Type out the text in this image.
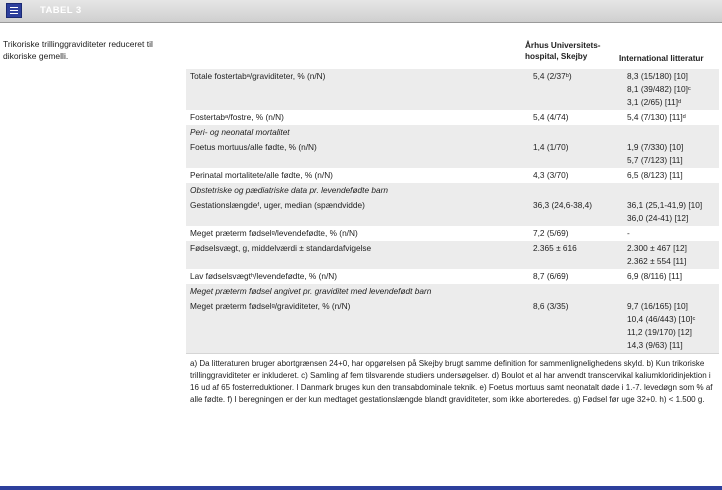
TABEL 3
Trikoriske trillinggraviditeter reduceret til dikoriske gemelli.
Århus Universitets- hospital, Skejby	International litteratur
Totale fostertabᵃ/graviditeter, % (n/N)	5,4 (2/37ᵇ)	8,3 (15/180) [10]
8,1 (39/482) [10]ᶜ
3,1 (2/65) [11]ᵈ

Fostertabᵃ/fostre, % (n/N)	5,4 (4/74)	5,4 (7/130) [11]ᵈ

Peri- og neonatal mortalitet		
Foetus mortuus/alle fødte, % (n/N)	1,4 (1/70)	1,9 (7/330) [10]
5,7 (7/123) [11]

Perinatal mortalitete/alle fødte, % (n/N)	4,3 (3/70)	6,5 (8/123) [11]

Obstetriske og pædiatriske data pr. levendefødte barn		
Gestationslængdeᶠ, uger, median (spændvidde)	36,3 (24,6-38,4)	36,1 (25,1-41,9) [10]
36,0 (24-41) [12]

Meget præterm fødselᵍ/levendefødte, % (n/N)	7,2 (5/69)	-

Fødselsvægt, g, middelværdi ± standardafvigelse	2.365 ± 616	2.300 ± 467 [12]
2.362 ± 554 [11]

Lav fødselsvægtʰ/levendefødte, % (n/N)	8,7 (6/69)	6,9 (8/116) [11]

Meget præterm fødsel angivet pr. graviditet med levendefødt barn		
Meget præterm fødselᵍ/graviditeter, % (n/N)	8,6 (3/35)	9,7 (16/165) [10]
10,4 (46/443) [10]ᶜ
11,2 (19/170) [12]
14,3 (9/63) [11]
a) Da litteraturen bruger abortgrænsen 24+0, har opgørelsen på Skejby brugt samme definition for sammenlignelighedens skyld. b) Kun trikoriske trillinggraviditeter er inkluderet. c) Samling af fem tilsvarende studiers undersøgelser. d) Boulot et al har anvendt transcervikal kaliumkloridinjektion i 16 ud af 65 fosterreduktioner. I Danmark bruges kun den transabdominale teknik. e) Foetus mortuus samt neonatalt døde i 1.-7. levedøgn som % af alle fødte. f) I beregningen er der kun medtaget gestationslængde blandt graviditeter, som ikke aborteredes. g) Fødsel før uge 32+0. h) < 1.500 g.
